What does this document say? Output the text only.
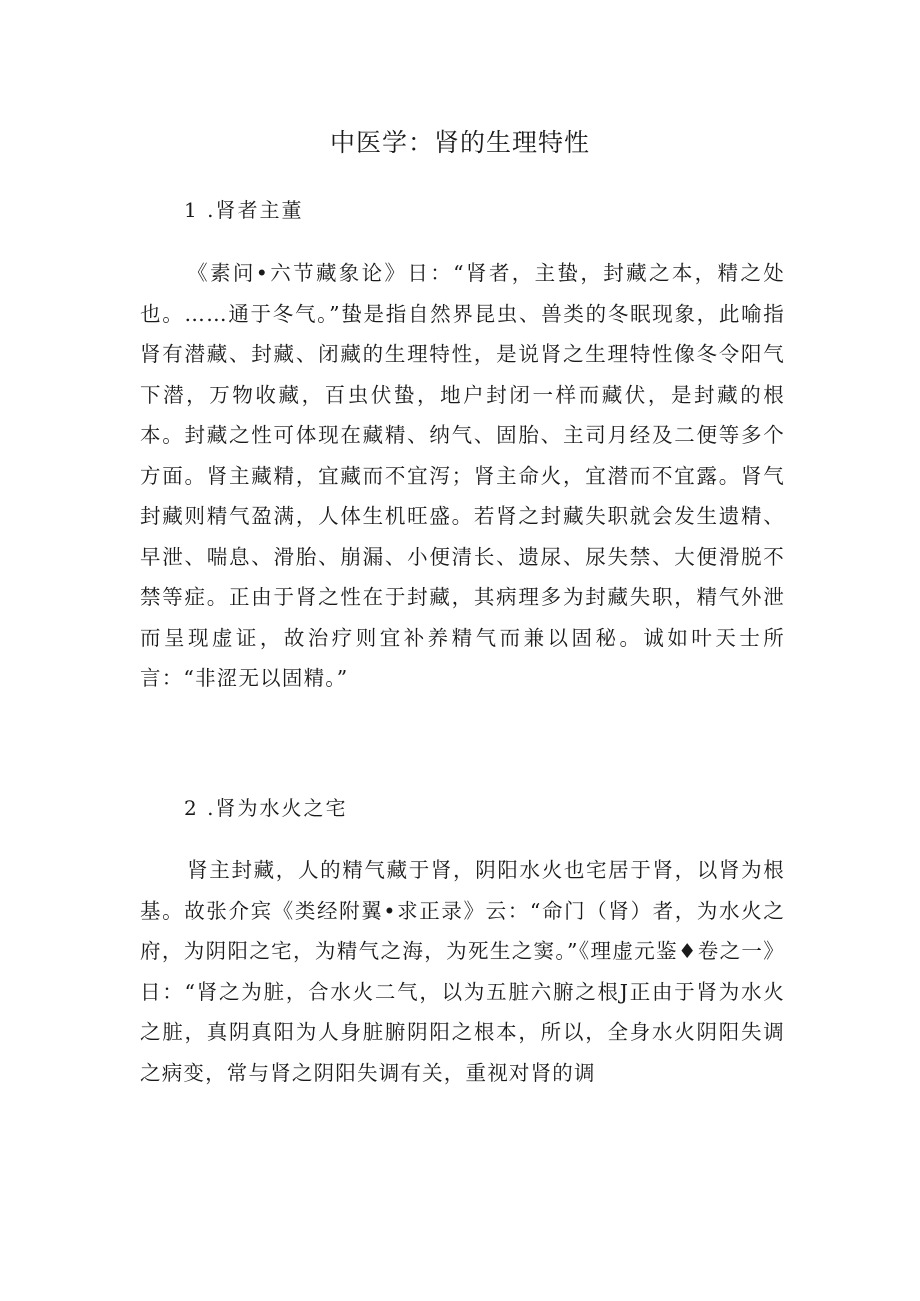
中医学：肾的生理特性

1 .肾者主董

《素问•六节藏象论》日：“肾者，主蛰，封藏之本，精之处也。……通于冬气。”蛰是指自然界昆虫、兽类的冬眠现象，此喻指肾有潜藏、封藏、闭藏的生理特性，是说肾之生理特性像冬令阳气下潜，万物收藏，百虫伏蛰，地户封闭一样而藏伏，是封藏的根本。封藏之性可体现在藏精、纳气、固胎、主司月经及二便等多个方面。肾主藏精，宜藏而不宜泻；肾主命火，宜潜而不宜露。肾气封藏则精气盈满，人体生机旺盛。若肾之封藏失职就会发生遗精、早泄、喘息、滑胎、崩漏、小便清长、遗尿、尿失禁、大便滑脱不禁等症。正由于肾之性在于封藏，其病理多为封藏失职，精气外泄而呈现虚证，故治疗则宜补养精气而兼以固秘。诚如叶天士所言：“非涩无以固精。”

2 .肾为水火之宅

肾主封藏，人的精气藏于肾，阴阳水火也宅居于肾，以肾为根基。故张介宾《类经附翼•求正录》云：“命门（肾）者，为水火之府，为阴阳之宅，为精气之海，为死生之窦。”《理虚元鉴♦卷之一》日：“肾之为脏，合水火二气，以为五脏六腑之根J正由于肾为水火之脏，真阴真阳为人身脏腑阴阳之根本，所以，全身水火阴阳失调之病变，常与肾之阴阳失调有关，重视对肾的调
